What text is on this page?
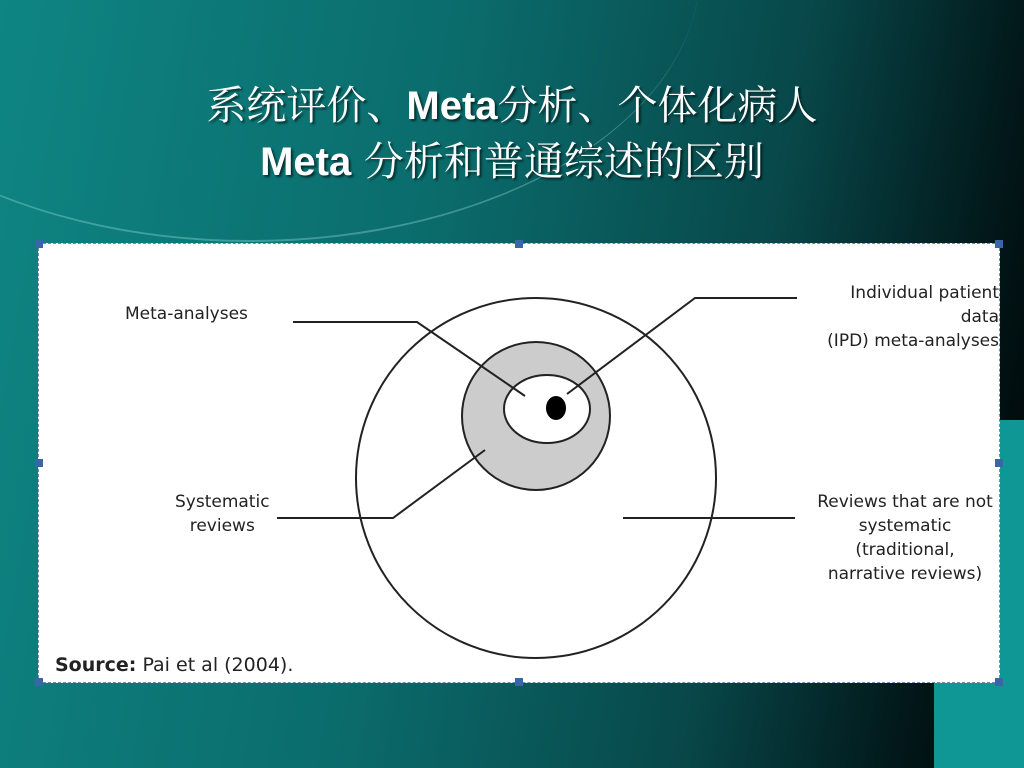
系统评价、Meta分析、个体化病人
Meta 分析和普通综述的区别
Meta-analyses
Individual patient data
(IPD) meta-analyses
Systematic
reviews
Reviews that are not
systematic (traditional,
narrative reviews)
Source: Pai et al (2004).
